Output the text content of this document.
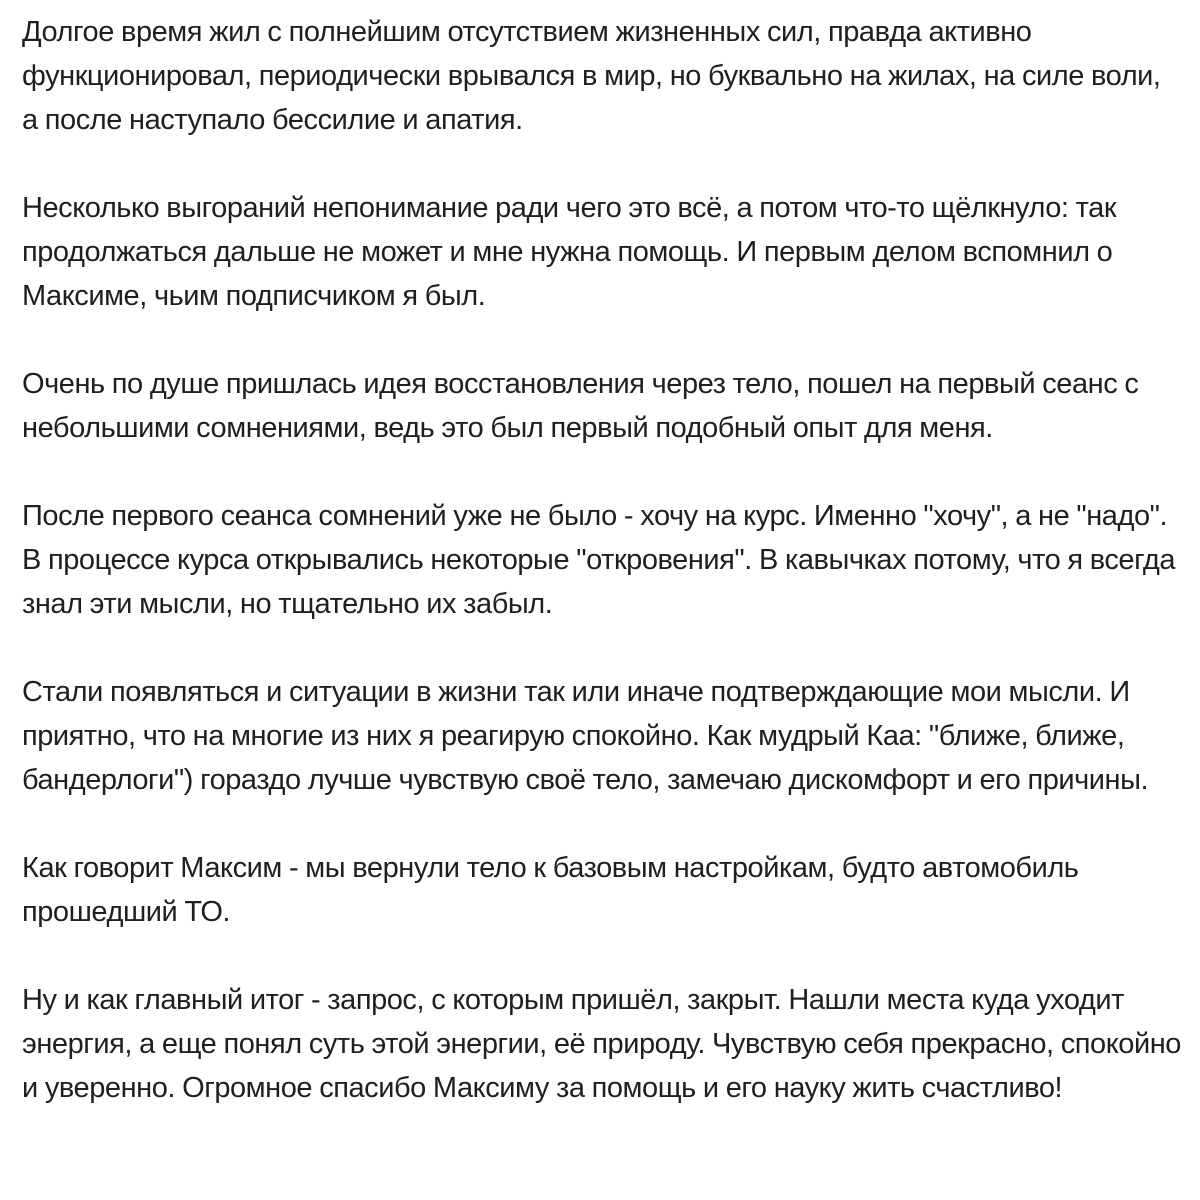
Долгое время жил с полнейшим отсутствием жизненных сил, правда активно функционировал, периодически врывался в мир, но буквально на жилах, на силе воли, а после наступало бессилие и апатия.

Несколько выгораний непонимание ради чего это всё, а потом что-то щёлкнуло: так продолжаться дальше не может и мне нужна помощь. И первым делом вспомнил о Максиме, чьим подписчиком я был.

Очень по душе пришлась идея восстановления через тело, пошел на первый сеанс с небольшими сомнениями, ведь это был первый подобный опыт для меня.

После первого сеанса сомнений уже не было - хочу на курс. Именно "хочу", а не "надо". В процессе курса открывались некоторые "откровения". В кавычках потому, что я всегда знал эти мысли, но тщательно их забыл.

Стали появляться и ситуации в жизни так или иначе подтверждающие мои мысли. И приятно, что на многие из них я реагирую спокойно. Как мудрый Каа: "ближе, ближе, бандерлоги") гораздо лучше чувствую своё тело, замечаю дискомфорт и его причины.

Как говорит Максим - мы вернули тело к базовым настройкам, будто автомобиль прошедший ТО.

Ну и как главный итог - запрос, с которым пришёл, закрыт. Нашли места куда уходит энергия, а еще понял суть этой энергии, её природу. Чувствую себя прекрасно, спокойно и уверенно. Огромное спасибо Максиму за помощь и его науку жить счастливо!
